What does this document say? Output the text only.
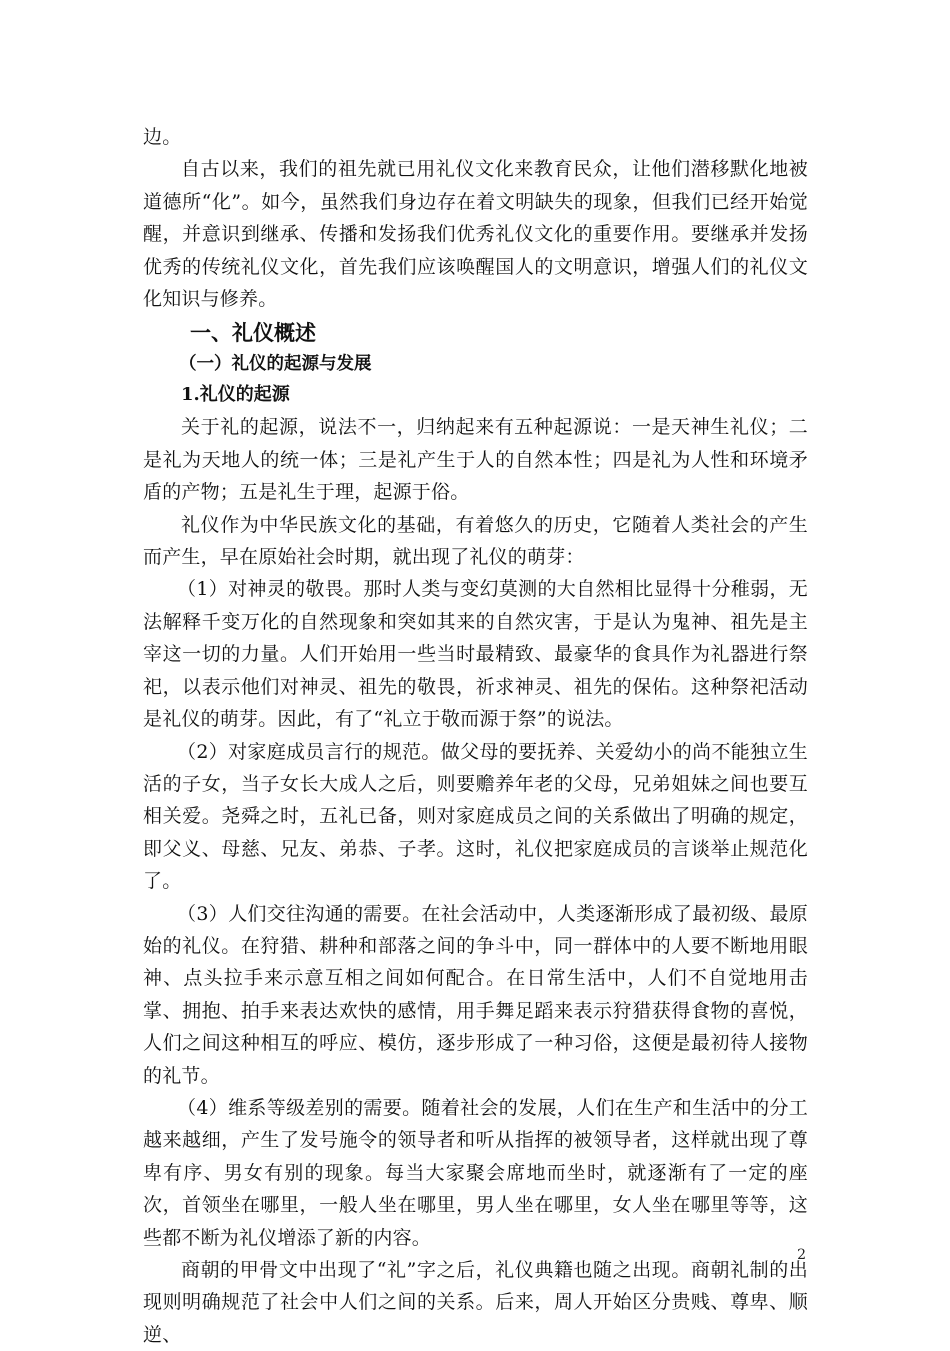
边。

自古以来，我们的祖先就已用礼仪文化来教育民众，让他们潜移默化地被道德所“化”。如今，虽然我们身边存在着文明缺失的现象，但我们已经开始觉醒，并意识到继承、传播和发扬我们优秀礼仪文化的重要作用。要继承并发扬优秀的传统礼仪文化，首先我们应该唤醒国人的文明意识，增强人们的礼仪文化知识与修养。

一、礼仪概述
（一）礼仪的起源与发展
1.礼仪的起源

关于礼的起源，说法不一，归纳起来有五种起源说：一是天神生礼仪；二是礼为天地人的统一体；三是礼产生于人的自然本性；四是礼为人性和环境矛盾的产物；五是礼生于理，起源于俗。

礼仪作为中华民族文化的基础，有着悠久的历史，它随着人类社会的产生而产生，早在原始社会时期，就出现了礼仪的萌芽：

（1）对神灵的敬畏。那时人类与变幻莫测的大自然相比显得十分稚弱，无法解释千变万化的自然现象和突如其来的自然灾害，于是认为鬼神、祖先是主宰这一切的力量。人们开始用一些当时最精致、最豪华的食具作为礼器进行祭祀，以表示他们对神灵、祖先的敬畏，祈求神灵、祖先的保佑。这种祭祀活动是礼仪的萌芽。因此，有了“礼立于敬而源于祭”的说法。

（2）对家庭成员言行的规范。做父母的要抚养、关爱幼小的尚不能独立生活的子女，当子女长大成人之后，则要赡养年老的父母，兄弟姐妹之间也要互相关爱。尧舜之时，五礼已备，则对家庭成员之间的关系做出了明确的规定，即父义、母慈、兄友、弟恭、子孝。这时，礼仪把家庭成员的言谈举止规范化了。

（3）人们交往沟通的需要。在社会活动中，人类逐渐形成了最初级、最原始的礼仪。在狩猎、耕种和部落之间的争斗中，同一群体中的人要不断地用眼神、点头拉手来示意互相之间如何配合。在日常生活中，人们不自觉地用击掌、拥抱、拍手来表达欢快的感情，用手舞足蹈来表示狩猎获得食物的喜悦，人们之间这种相互的呼应、模仿，逐步形成了一种习俗，这便是最初待人接物的礼节。

（4）维系等级差别的需要。随着社会的发展，人们在生产和生活中的分工越来越细，产生了发号施令的领导者和听从指挥的被领导者，这样就出现了尊卑有序、男女有别的现象。每当大家聚会席地而坐时，就逐渐有了一定的座次，首领坐在哪里，一般人坐在哪里，男人坐在哪里，女人坐在哪里等等，这些都不断为礼仪增添了新的内容。

商朝的甲骨文中出现了“礼”字之后，礼仪典籍也随之出现。商朝礼制的出现则明确规范了社会中人们之间的关系。后来，周人开始区分贵贱、尊卑、顺逆、

2
